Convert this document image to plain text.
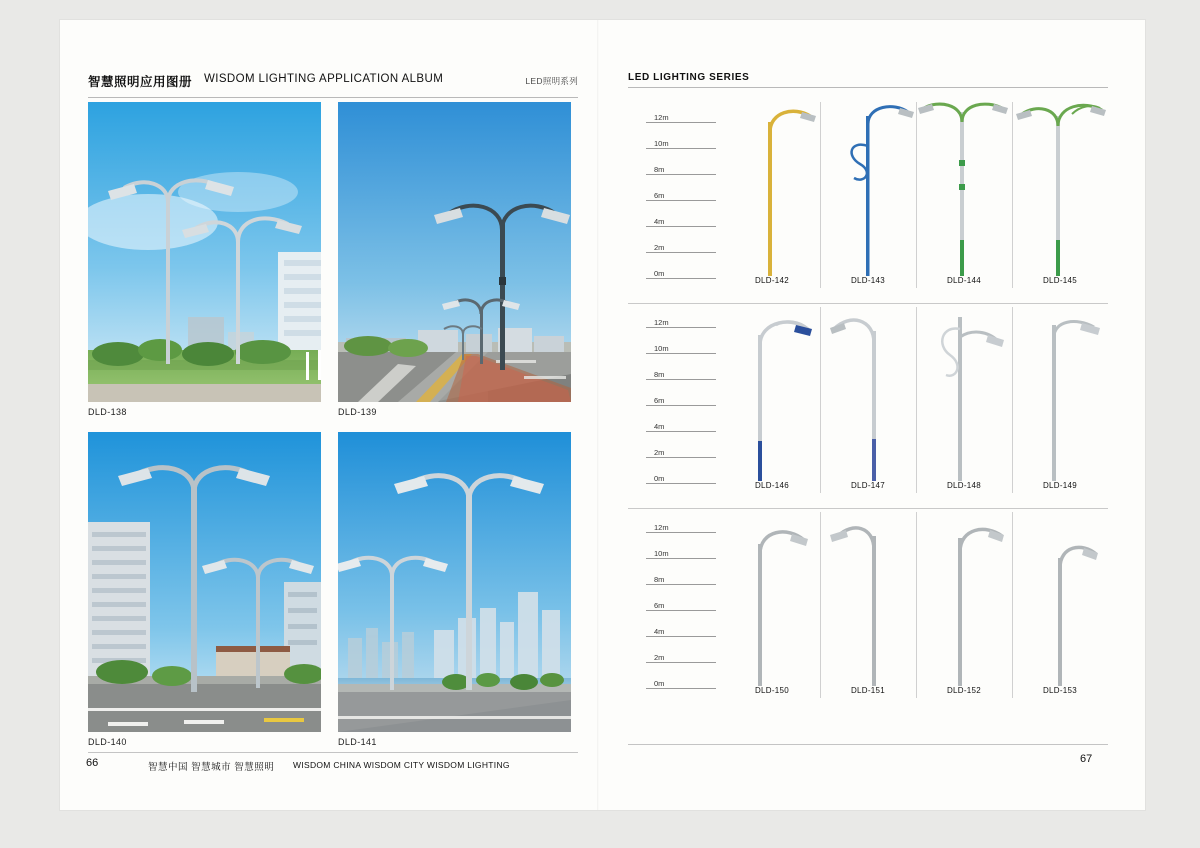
智慧照明应用图册 WISDOM LIGHTING APPLICATION ALBUM	LED照明系列
DLD-138	DLD-139
DLD-140	DLD-141
66	智慧中国 智慧城市 智慧照明 WISDOM CHINA WISDOM CITY WISDOM LIGHTING
LED LIGHTING SERIES
12m
10m
8m
6m
4m
2m
0m
DLD-142	DLD-143	DLD-144	DLD-145
12m
10m
8m
6m
4m
2m
0m
DLD-146	DLD-147	DLD-148	DLD-149
12m
10m
8m
6m
4m
2m
0m
DLD-150	DLD-151	DLD-152	DLD-153
67
